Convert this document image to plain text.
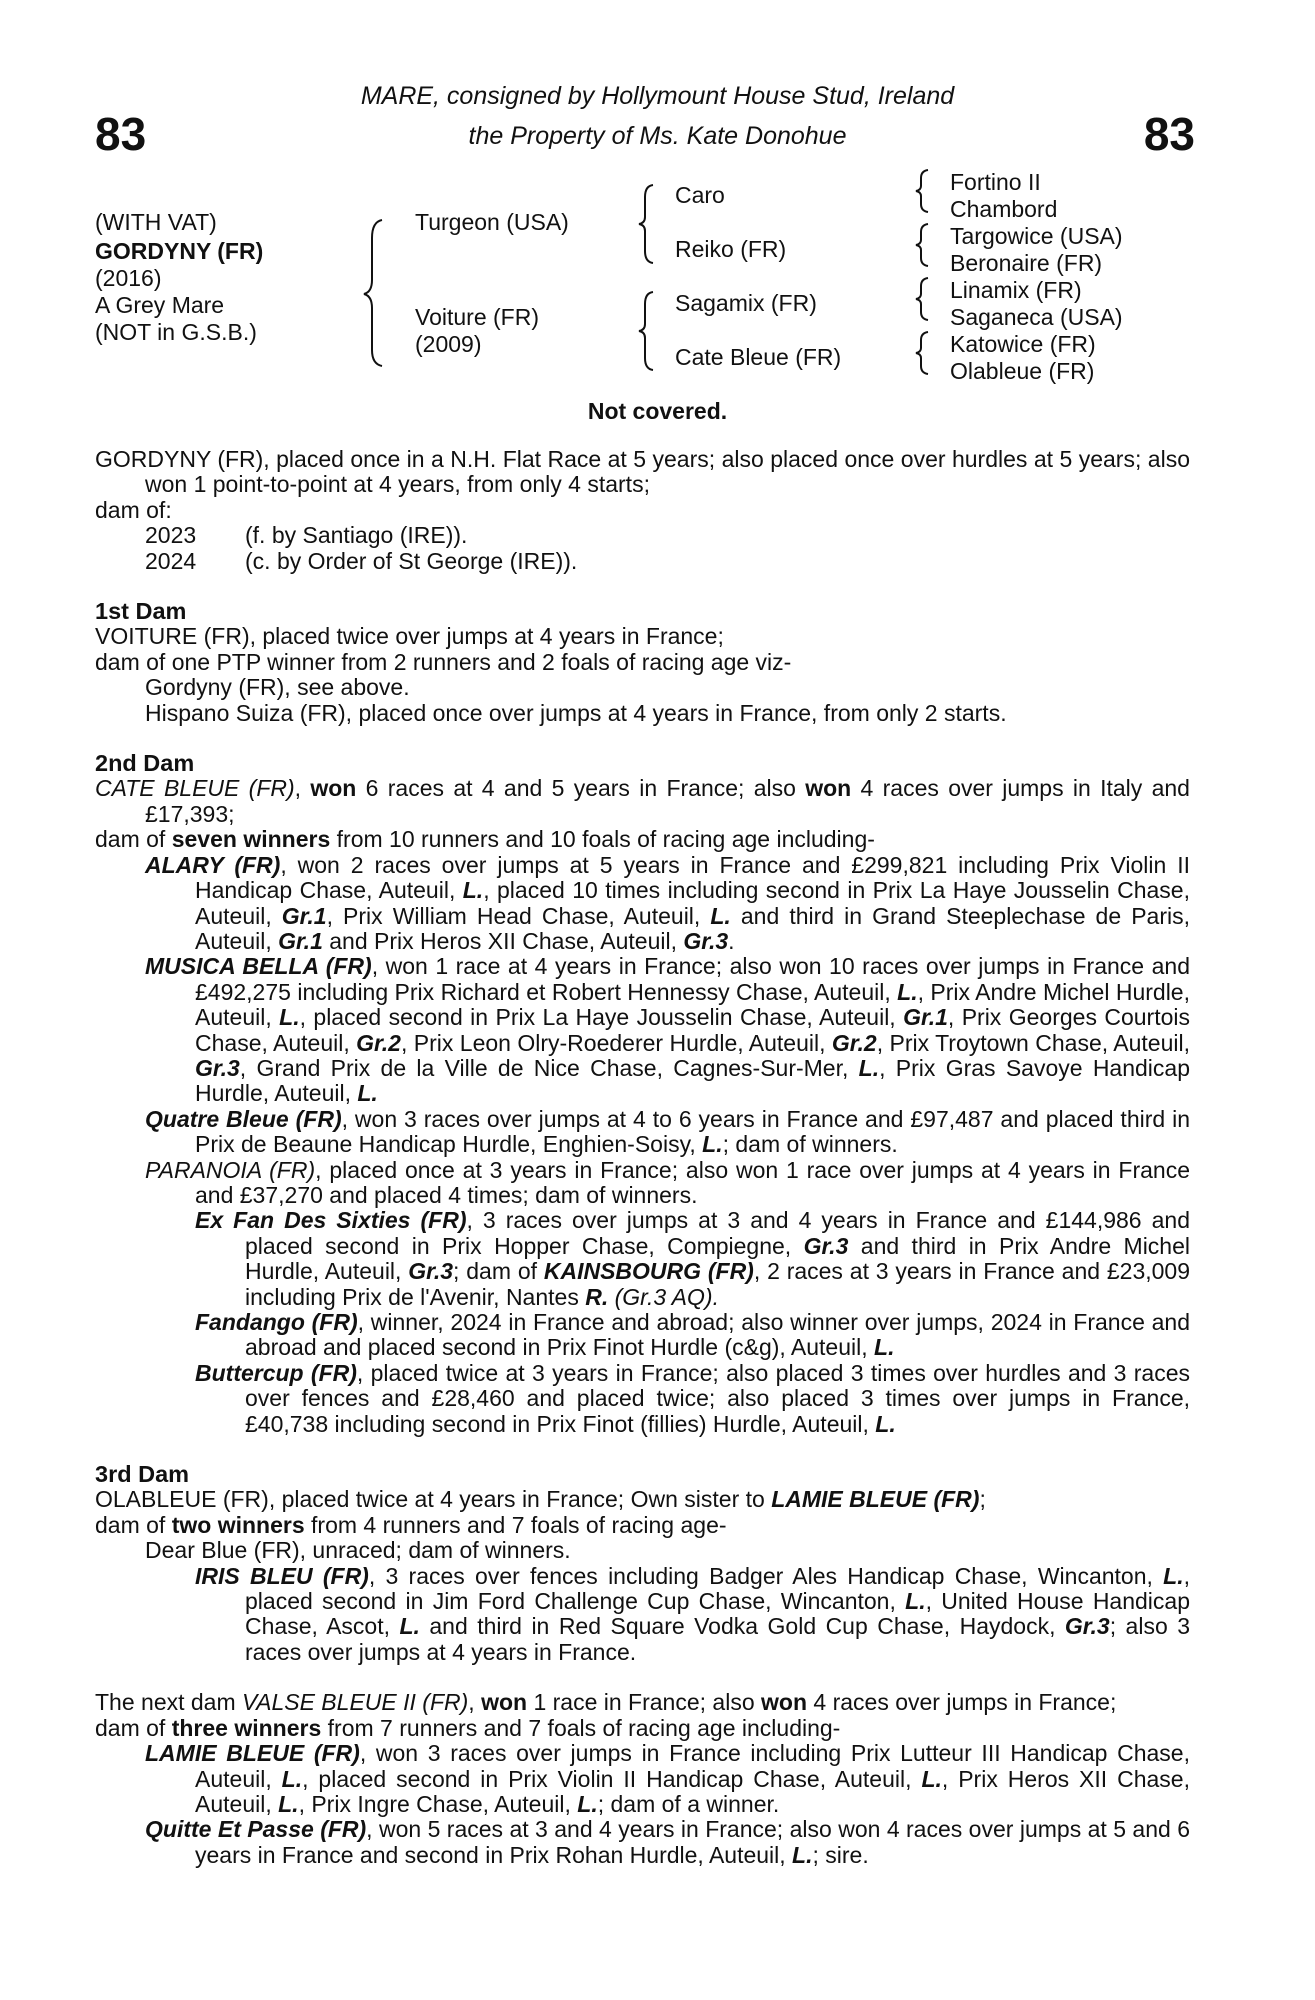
83	83
MARE, consigned by Hollymount House Stud, Ireland
the Property of Ms. Kate Donohue
(WITH VAT)
GORDYNY (FR)
(2016)
A Grey Mare
(NOT in G.S.B.)
Turgeon (USA)
Voiture (FR)
(2009)
Caro
Reiko (FR)
Sagamix (FR)
Cate Bleue (FR)
Fortino II
Chambord
Targowice (USA)
Beronaire (FR)
Linamix (FR)
Saganeca (USA)
Katowice (FR)
Olableue (FR)
Not covered.

GORDYNY (FR), placed once in a N.H. Flat Race at 5 years; also placed once over hurdles at 5 years; also won 1 point-to-point at 4 years, from only 4 starts;

dam of:

2023	(f. by Santiago (IRE)).
2024	(c. by Order of St George (IRE)).

1st Dam

VOITURE (FR), placed twice over jumps at 4 years in France;

dam of one PTP winner from 2 runners and 2 foals of racing age viz-

Gordyny (FR), see above.

Hispano Suiza (FR), placed once over jumps at 4 years in France, from only 2 starts.

2nd Dam

CATE BLEUE (FR), won 6 races at 4 and 5 years in France; also won 4 races over jumps in Italy and £17,393;

dam of seven winners from 10 runners and 10 foals of racing age including-

ALARY (FR), won 2 races over jumps at 5 years in France and £299,821 including Prix Violin II Handicap Chase, Auteuil, L., placed 10 times including second in Prix La Haye Jousselin Chase, Auteuil, Gr.1, Prix William Head Chase, Auteuil, L. and third in Grand Steeplechase de Paris, Auteuil, Gr.1 and Prix Heros XII Chase, Auteuil, Gr.3.

MUSICA BELLA (FR), won 1 race at 4 years in France; also won 10 races over jumps in France and £492,275 including Prix Richard et Robert Hennessy Chase, Auteuil, L., Prix Andre Michel Hurdle, Auteuil, L., placed second in Prix La Haye Jousselin Chase, Auteuil, Gr.1, Prix Georges Courtois Chase, Auteuil, Gr.2, Prix Leon Olry-Roederer Hurdle, Auteuil, Gr.2, Prix Troytown Chase, Auteuil, Gr.3, Grand Prix de la Ville de Nice Chase, Cagnes-Sur-Mer, L., Prix Gras Savoye Handicap Hurdle, Auteuil, L.

Quatre Bleue (FR), won 3 races over jumps at 4 to 6 years in France and £97,487 and placed third in Prix de Beaune Handicap Hurdle, Enghien-Soisy, L.; dam of winners.

PARANOIA (FR), placed once at 3 years in France; also won 1 race over jumps at 4 years in France and £37,270 and placed 4 times; dam of winners.

Ex Fan Des Sixties (FR), 3 races over jumps at 3 and 4 years in France and £144,986 and placed second in Prix Hopper Chase, Compiegne, Gr.3 and third in Prix Andre Michel Hurdle, Auteuil, Gr.3; dam of KAINSBOURG (FR), 2 races at 3 years in France and £23,009 including Prix de l'Avenir, Nantes R. (Gr.3 AQ).

Fandango (FR), winner, 2024 in France and abroad; also winner over jumps, 2024 in France and abroad and placed second in Prix Finot Hurdle (c&g), Auteuil, L.

Buttercup (FR), placed twice at 3 years in France; also placed 3 times over hurdles and 3 races over fences and £28,460 and placed twice; also placed 3 times over jumps in France, £40,738 including second in Prix Finot (fillies) Hurdle, Auteuil, L.

3rd Dam

OLABLEUE (FR), placed twice at 4 years in France; Own sister to LAMIE BLEUE (FR);

dam of two winners from 4 runners and 7 foals of racing age-

Dear Blue (FR), unraced; dam of winners.

IRIS BLEU (FR), 3 races over fences including Badger Ales Handicap Chase, Wincanton, L., placed second in Jim Ford Challenge Cup Chase, Wincanton, L., United House Handicap Chase, Ascot, L. and third in Red Square Vodka Gold Cup Chase, Haydock, Gr.3; also 3 races over jumps at 4 years in France.

The next dam VALSE BLEUE II (FR), won 1 race in France; also won 4 races over jumps in France;

dam of three winners from 7 runners and 7 foals of racing age including-

LAMIE BLEUE (FR), won 3 races over jumps in France including Prix Lutteur III Handicap Chase, Auteuil, L., placed second in Prix Violin II Handicap Chase, Auteuil, L., Prix Heros XII Chase, Auteuil, L., Prix Ingre Chase, Auteuil, L.; dam of a winner.

Quitte Et Passe (FR), won 5 races at 3 and 4 years in France; also won 4 races over jumps at 5 and 6 years in France and second in Prix Rohan Hurdle, Auteuil, L.; sire.
